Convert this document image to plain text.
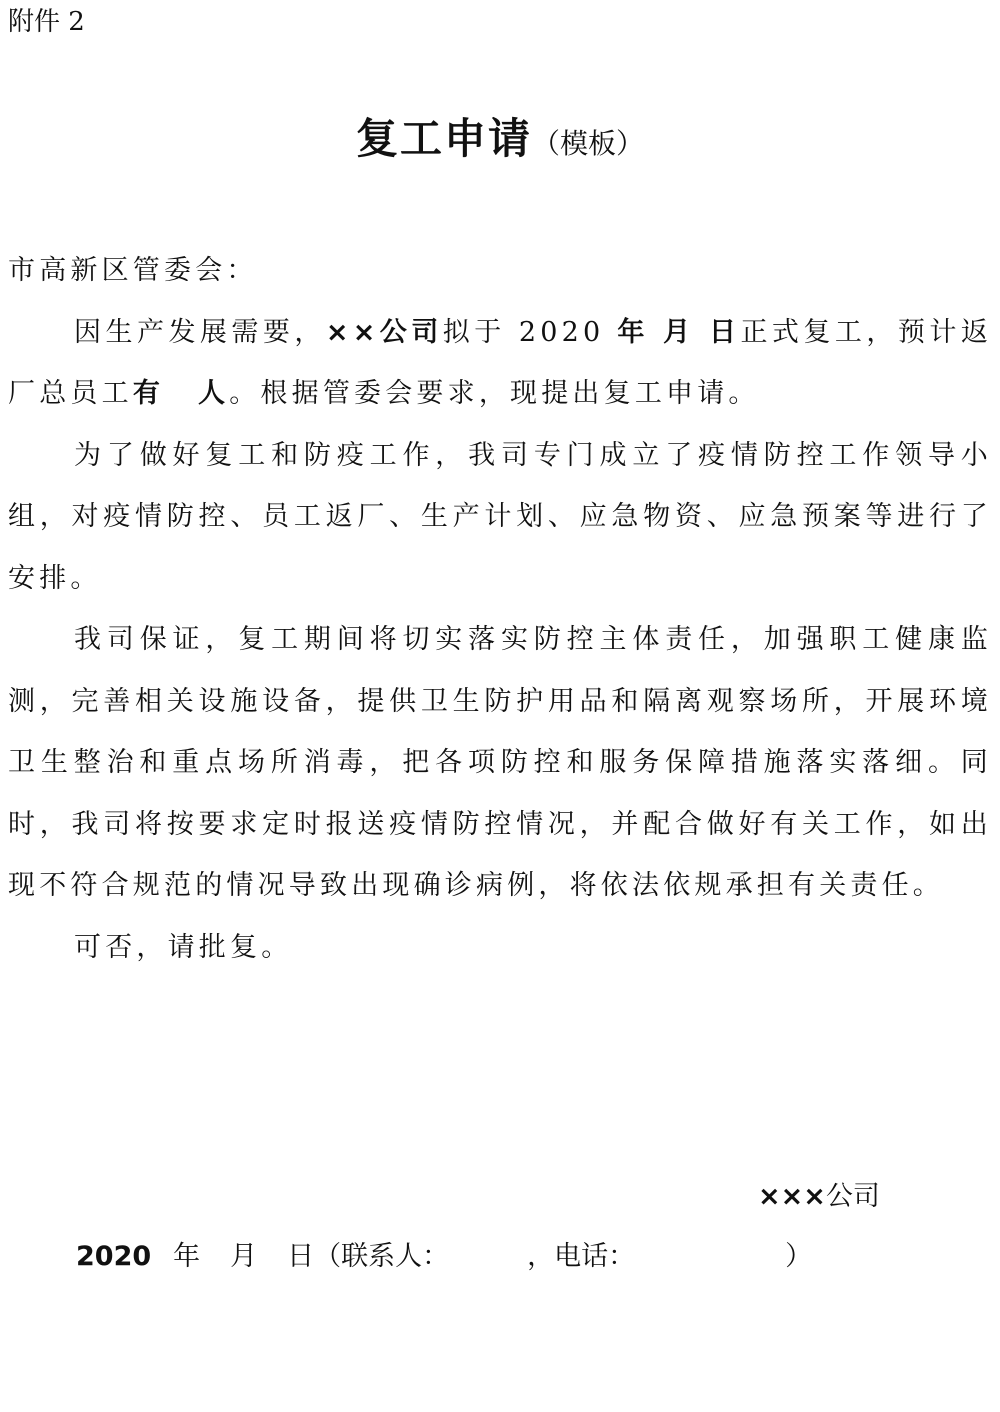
附件 2
复工申请（模板）

市高新区管委会：

因生产发展需要，××公司拟于 2020 年 月 日正式复工，预计返厂总员工有 人。根据管委会要求，现提出复工申请。

为了做好复工和防疫工作，我司专门成立了疫情防控工作领导小组，对疫情防控、员工返厂、生产计划、应急物资、应急预案等进行了安排。

我司保证，复工期间将切实落实防控主体责任，加强职工健康监测，完善相关设施设备，提供卫生防护用品和隔离观察场所，开展环境卫生整治和重点场所消毒，把各项防控和服务保障措施落实落细。同时，我司将按要求定时报送疫情防控情况，并配合做好有关工作，如出现不符合规范的情况导致出现确诊病例，将依法依规承担有关责任。

可否，请批复。

×××公司
2020 年 月 日（联系人：	，电话：	）
